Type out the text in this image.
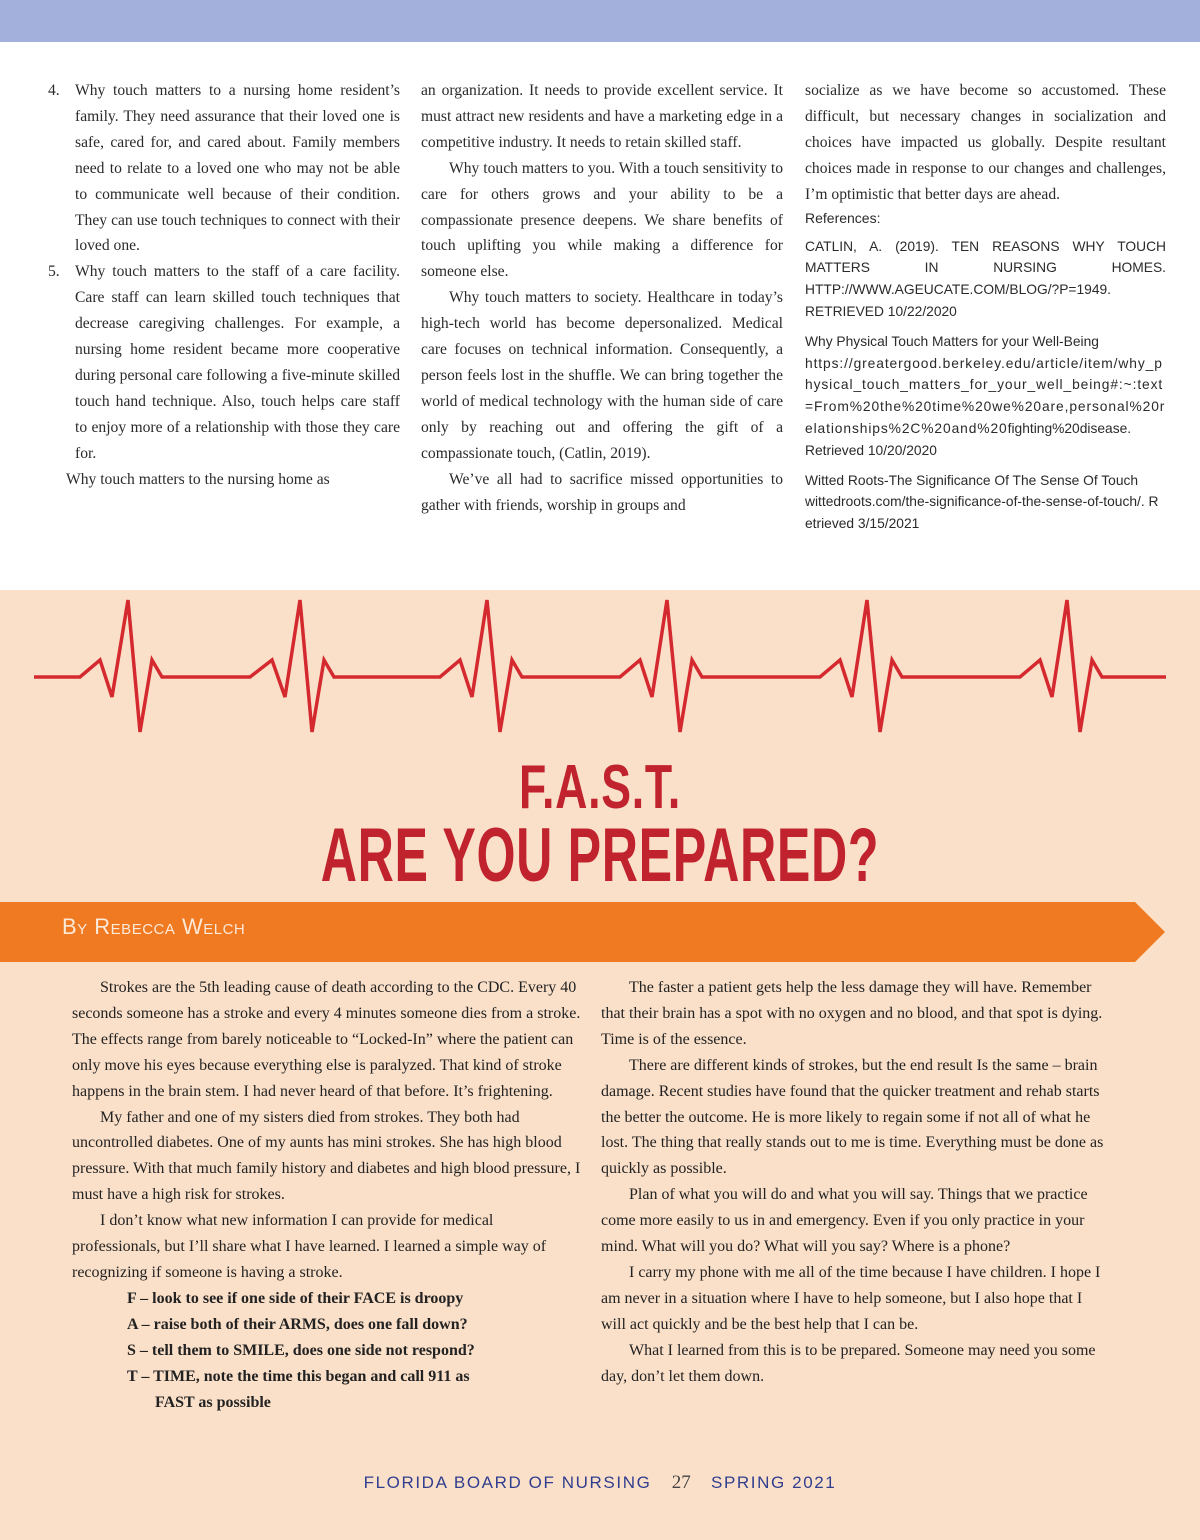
4. Why touch matters to a nursing home resident’s family. They need assurance that their loved one is safe, cared for, and cared about. Family members need to relate to a loved one who may not be able to communicate well because of their condition. They can use touch techniques to connect with their loved one.
5. Why touch matters to the staff of a care facility. Care staff can learn skilled touch techniques that decrease caregiving challenges. For example, a nursing home resident became more cooperative during personal care following a five-minute skilled touch hand technique. Also, touch helps care staff to enjoy more of a relationship with those they care for.

Why touch matters to the nursing home as

an organization. It needs to provide excellent service. It must attract new residents and have a marketing edge in a competitive industry. It needs to retain skilled staff.

Why touch matters to you. With a touch sensitivity to care for others grows and your ability to be a compassionate presence deepens. We share benefits of touch uplifting you while making a difference for someone else.

Why touch matters to society. Healthcare in today’s high-tech world has become depersonalized. Medical care focuses on technical information. Consequently, a person feels lost in the shuffle. We can bring together the world of medical technology with the human side of care only by reaching out and offering the gift of a compassionate touch, (Catlin, 2019).

We’ve all had to sacrifice missed opportunities to gather with friends, worship in groups and

socialize as we have become so accustomed. These difficult, but necessary changes in socialization and choices have impacted us globally. Despite resultant choices made in response to our changes and challenges, I’m optimistic that better days are ahead.

References:

CATLIN, A. (2019). TEN REASONS WHY TOUCH MATTERS IN NURSING HOMES. HTTP://WWW.AGEUCATE.COM/BLOG/?P=1949. RETRIEVED 10/22/2020

Why Physical Touch Matters for your Well-Being
https://greatergood.berkeley.edu/article/item/why_physical_touch_matters_for_your_well_being#:~:text=From%20the%20time%20we%20are,personal%20relationships%2C%20and%20fighting%20disease. Retrieved 10/20/2020

Witted Roots-The Significance Of The Sense Of Touch
wittedroots.com/the-significance-of-the-sense-of-touch/. Retrieved 3/15/2021

F.A.S.T.
ARE YOU PREPARED?
By Rebecca Welch

Strokes are the 5th leading cause of death according to the CDC. Every 40 seconds someone has a stroke and every 4 minutes someone dies from a stroke. The effects range from barely noticeable to “Locked-In” where the patient can only move his eyes because everything else is paralyzed. That kind of stroke happens in the brain stem. I had never heard of that before. It’s frightening.

My father and one of my sisters died from strokes. They both had uncontrolled diabetes. One of my aunts has mini strokes. She has high blood pressure. With that much family history and diabetes and high blood pressure, I must have a high risk for strokes.

I don’t know what new information I can provide for medical professionals, but I’ll share what I have learned. I learned a simple way of recognizing if someone is having a stroke.

F – look to see if one side of their FACE is droopy

A – raise both of their ARMS, does one fall down?

S – tell them to SMILE, does one side not respond?

T – TIME, note the time this began and call 911 as

FAST as possible

The faster a patient gets help the less damage they will have. Remember that their brain has a spot with no oxygen and no blood, and that spot is dying. Time is of the essence.

There are different kinds of strokes, but the end result Is the same – brain damage. Recent studies have found that the quicker treatment and rehab starts the better the outcome. He is more likely to regain some if not all of what he lost. The thing that really stands out to me is time. Everything must be done as quickly as possible.

Plan of what you will do and what you will say. Things that we practice come more easily to us in and emergency. Even if you only practice in your mind. What will you do? What will you say? Where is a phone?

I carry my phone with me all of the time because I have children. I hope I am never in a situation where I have to help someone, but I also hope that I will act quickly and be the best help that I can be.

What I learned from this is to be prepared. Someone may need you some day, don’t let them down.

FLORIDA BOARD OF NURSING 27 SPRING 2021
